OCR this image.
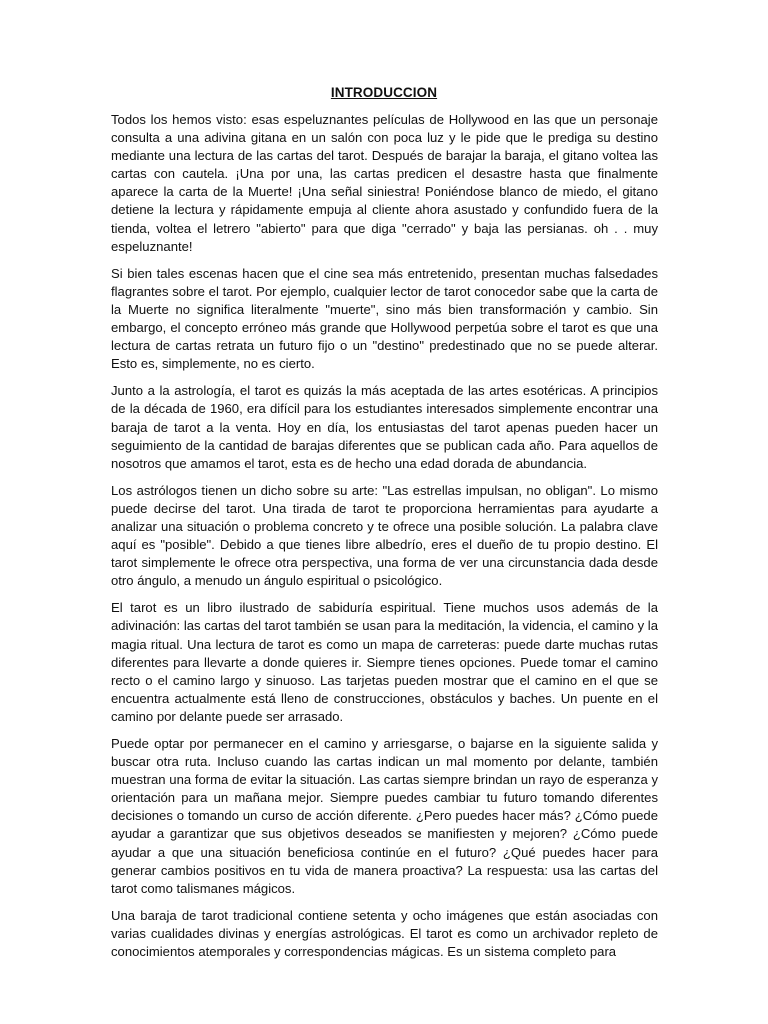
INTRODUCCION

Todos los hemos visto: esas espeluznantes películas de Hollywood en las que un personaje consulta a una adivina gitana en un salón con poca luz y le pide que le prediga su destino mediante una lectura de las cartas del tarot. Después de barajar la baraja, el gitano voltea las cartas con cautela. ¡Una por una, las cartas predicen el desastre hasta que finalmente aparece la carta de la Muerte! ¡Una señal siniestra! Poniéndose blanco de miedo, el gitano detiene la lectura y rápidamente empuja al cliente ahora asustado y confundido fuera de la tienda, voltea el letrero "abierto" para que diga "cerrado" y baja las persianas. oh . . muy espeluznante!

Si bien tales escenas hacen que el cine sea más entretenido, presentan muchas falsedades flagrantes sobre el tarot. Por ejemplo, cualquier lector de tarot conocedor sabe que la carta de la Muerte no significa literalmente "muerte", sino más bien transformación y cambio. Sin embargo, el concepto erróneo más grande que Hollywood perpetúa sobre el tarot es que una lectura de cartas retrata un futuro fijo o un "destino" predestinado que no se puede alterar. Esto es, simplemente, no es cierto.

Junto a la astrología, el tarot es quizás la más aceptada de las artes esotéricas. A principios de la década de 1960, era difícil para los estudiantes interesados simplemente encontrar una baraja de tarot a la venta. Hoy en día, los entusiastas del tarot apenas pueden hacer un seguimiento de la cantidad de barajas diferentes que se publican cada año. Para aquellos de nosotros que amamos el tarot, esta es de hecho una edad dorada de abundancia.

Los astrólogos tienen un dicho sobre su arte: "Las estrellas impulsan, no obligan". Lo mismo puede decirse del tarot. Una tirada de tarot te proporciona herramientas para ayudarte a analizar una situación o problema concreto y te ofrece una posible solución. La palabra clave aquí es "posible". Debido a que tienes libre albedrío, eres el dueño de tu propio destino. El tarot simplemente le ofrece otra perspectiva, una forma de ver una circunstancia dada desde otro ángulo, a menudo un ángulo espiritual o psicológico.

El tarot es un libro ilustrado de sabiduría espiritual. Tiene muchos usos además de la adivinación: las cartas del tarot también se usan para la meditación, la videncia, el camino y la magia ritual. Una lectura de tarot es como un mapa de carreteras: puede darte muchas rutas diferentes para llevarte a donde quieres ir. Siempre tienes opciones. Puede tomar el camino recto o el camino largo y sinuoso. Las tarjetas pueden mostrar que el camino en el que se encuentra actualmente está lleno de construcciones, obstáculos y baches. Un puente en el camino por delante puede ser arrasado.

Puede optar por permanecer en el camino y arriesgarse, o bajarse en la siguiente salida y buscar otra ruta. Incluso cuando las cartas indican un mal momento por delante, también muestran una forma de evitar la situación. Las cartas siempre brindan un rayo de esperanza y orientación para un mañana mejor. Siempre puedes cambiar tu futuro tomando diferentes decisiones o tomando un curso de acción diferente. ¿Pero puedes hacer más? ¿Cómo puede ayudar a garantizar que sus objetivos deseados se manifiesten y mejoren? ¿Cómo puede ayudar a que una situación beneficiosa continúe en el futuro? ¿Qué puedes hacer para generar cambios positivos en tu vida de manera proactiva? La respuesta: usa las cartas del tarot como talismanes mágicos.

Una baraja de tarot tradicional contiene setenta y ocho imágenes que están asociadas con varias cualidades divinas y energías astrológicas. El tarot es como un archivador repleto de conocimientos atemporales y correspondencias mágicas. Es un sistema completo para
